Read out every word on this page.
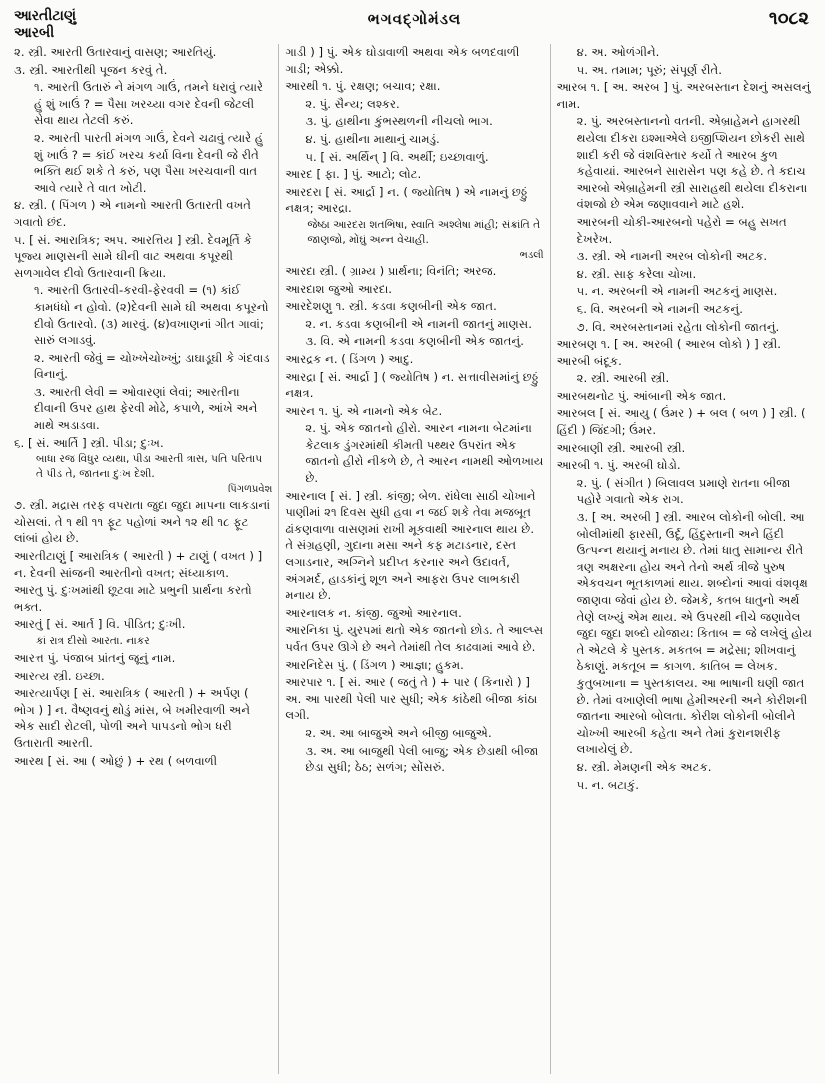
આરતીટાણું
આરબી
ભગવદ્ગોમંડલ	૧૦૮૨

૨. સ્ત્રી. આરતી ઉતારવાનું વાસણ; આરતિયું.

૩. સ્ત્રી. આરતીથી પૂજન કરવું તે.

૧. આરતી ઉતારું ને મંગળ ગાઉં, તમને ધરાવું ત્યારે હું શું ખાઉં ? = પૈસા ખરચ્યા વગર દેવની જેટલી સેવા થાય તેટલી કરું.

૨. આરતી પારતી મંગળ ગાઉં, દેવને ચઢાવું ત્યારે હું શું ખાઉં ? = કાંઈ ખરચ કર્યા વિના દેવની જે રીતે ભક્તિ થઈ શકે તે કરું, પણ પૈસા ખરચવાની વાત આવે ત્યારે તે વાત ખોટી.

૪. સ્ત્રી. ( પિંગળ ) એ નામનો આરતી ઉતારતી વખતે ગવાતો છંદ.

૫. [ સં. આરાત્રિક; અપ. આરત્તિય ] સ્ત્રી. દેવમૂર્તિ કે પૂજ્ય માણસની સામે ઘીની વાટ અથવા કપૂરથી સળગાવેલ દીવો ઉતારવાની ક્રિયા.

૧. આરતી ઉતારવી-કરવી-ફેરવવી = (૧) કાંઈ કામધંધો ન હોવો. (૨)દેવની સામે ઘી અથવા કપૂરનો દીવો ઉતારવો. (૩) મારવું. (૪)વખાણનાં ગીત ગાવાં; સારું લગાડવું.

૨. આરતી જેવું = ચોખ્ખેચોખ્ખું; ડાઘાડૂઘી કે ગંદવાડ વિનાનું.

૩. આરતી લેવી = ઓવારણાં લેવાં; આરતીના દીવાની ઉપર હાથ ફેરવી મોઢે, કપાળે, આંખે અને માથે અડાડવા.

૬. [ સં. આર્તિ ] સ્ત્રી. પીડા; દુઃખ.

બાધા રજ વિધુર વ્યથા, પીડા આરતી ત્રાસ, પતિ પરિતાપ તે પીડ તે, જાતના દુઃખ દેશી.

પિંગળપ્રવેશ

૭. સ્ત્રી. મદ્રાસ તરફ વપરાતા જુદા જુદા માપના લાકડાનાં ચોસલાં. તે ૧ થી ૧૧ ફૂટ પહોળાં અને ૧૨ થી ૧૮ ફૂટ લાંબાં હોય છે.

આરતીટાણું [ આરાત્રિક ( આરતી ) + ટાણું ( વખત ) ] ન. દેવની સાંજની આરતીનો વખત; સંધ્યાકાળ.

આરતુ પું. દુઃખમાંથી છૂટવા માટે પ્રભુની પ્રાર્થના કરતો ભક્ત.

આરતું [ સં. આર્ત ] વિ. પીડિત; દુઃખી.

કાં રાત્ર દીસો આરતા. નાકર

આરત્ત પું. પંજાબ પ્રાંતનું જૂનું નામ.

આરત્ય સ્ત્રી. ઇચ્છા.

આરત્યાર્પણ [ સં. આરાત્રિક ( આરતી ) + અર્પણ ( ભોગ ) ] ન. વૈષ્ણવનું થોડું માંસ, બે ખમીરવાળી અને એક સાદી રોટલી, પોળી અને પાપડનો ભોગ ધરી ઉતારાતી આરતી.

આરથ [ સં. આ ( ઓછું ) + રથ ( બળવાળી

ગાડી ) ] પું. એક ઘોડાવાળી અથવા એક બળદવાળી ગાડી; એક્કો.

આરથી ૧. પું. રક્ષણ; બચાવ; રક્ષા.

૨. પું. સૈન્ય; લશ્કર.

૩. પું. હાથીના કુંભસ્થળની નીચલો ભાગ.

૪. પું. હાથીના માથાનું ચામડું.

૫. [ સં. અર્થિન્ ] વિ. અર્થી; ઇચ્છાવાળું.

આરદ [ ફા. ] પું. આટો; લોટ.

આરદરા [ સં. આર્દ્રા ] ન. ( જ્યોતિષ ) એ નામનું છઠ્ઠું નક્ષત્ર; આરદ્રા.

જેષ્ઠા આરદરા શતભિષા, સ્વાતિ અશ્લેષા માંહી; સંક્રાંતિ તે જાણજો, મોંઘું અન્ન વેચાહી.

ભડલી

આરદા સ્ત્રી. ( ગ્રામ્ય ) પ્રાર્થના; વિનંતિ; અરજ.

આરદાશ જુઓ આરદા.

આરદેશણુ ૧. સ્ત્રી. કડવા કણબીની એક જાત.

૨. ન. કડવા કણબીની એ નામની જાતનું માણસ.

૩. વિ. એ નામની કડવા કણબીની એક જાતનું.

આરદ્રક ન. ( ડિંગળ ) આદુ.

આરદ્રા [ સં. આર્દ્રા ] ( જ્યોતિષ ) ન. સત્તાવીસમાંનું છઠ્ઠું નક્ષત્ર.

આરન ૧. પું. એ નામનો એક બેટ.

૨. પું. એક જાતનો હીરો. આરન નામના બેટમાંના કેટલાક ડુંગરમાંથી કીમતી પથ્થર ઉપરાંત એક જાતનો હીરો નીકળે છે, તે આરન નામથી ઓળખાય છે.

આરનાલ [ સં. ] સ્ત્રી. કાંજી; બેળ. રાંધેલા સાઠી ચોખાને પાણીમાં ૨૧ દિવસ સુધી હવા ન જઈ શકે તેવા મજબૂત ઢાંકણવાળા વાસણમાં રાખી મૂકવાથી આરનાલ થાય છે. તે સંગ્રહણી, ગુદાના મસા અને કફ મટાડનાર, દસ્ત લગાડનાર, અગ્નિને પ્રદીપ્ત કરનાર અને ઉદાવર્ત, અંગમર્દ, હાડકાંનું શૂળ અને આફરા ઉપર લાભકારી મનાય છે.

આરનાલક ન. કાંજી. જુઓ આરનાલ.

આરનિકા પું. યુરપમાં થતો એક જાતનો છોડ. તે આલ્પ્સ પર્વત ઉપર ઊગે છે અને તેમાંથી તેલ કાઢવામાં આવે છે.

આરનિદેસ પું. ( ડિંગળ ) આજ્ઞા; હુકમ.

આરપાર ૧. [ સં. આર ( જતું તે ) + પાર ( કિનારો ) ] અ. આ પારથી પેલી પાર સુધી; એક કાંઠેથી બીજા કાંઠા લગી.

૨. અ. આ બાજુએ અને બીજી બાજુએ.

૩. અ. આ બાજુથી પેલી બાજુ; એક છેડાથી બીજા છેડા સુધી; ઠેઠ; સળંગ; સોંસરું.

૪. અ. ઓળંગીને.

૫. અ. તમામ; પૂરું; સંપૂર્ણ રીતે.

આરબ ૧. [ અ. અરબ ] પું. અરબસ્તાન દેશનું અસલનું નામ.

૨. પું. અરબસ્તાનનો વતની. એબ્રાહેમને હાગરથી થયેલા દીકરા ઇશ્માએલે ઇજીપ્શિયન છોકરી સાથે શાદી કરી જે વંશવિસ્તાર કર્યો તે આરબ કુળ કહેવાયાં. આરબને સારાસેન પણ કહે છે. તે કદાચ આરબો એબ્રાહેમની સ્ત્રી સારાહથી થયેલા દીકરાના વંશજો છે એમ જણાવવાને માટે હશે.

આરબની ચોકી-આરબનો પહેરો = બહુ સખત દેખરેખ.

૩. સ્ત્રી. એ નામની અરબ લોકોની અટક.

૪. સ્ત્રી. સાફ કરેલા ચોખા.

૫. ન. અરબની એ નામની અટકનું માણસ.

૬. વિ. અરબની એ નામની અટકનું.

૭. વિ. અરબસ્તાનમાં રહેતા લોકોની જાતનું.

આરબણ ૧. [ અ. અરબી ( આરબ લોકો ) ] સ્ત્રી. આરબી બંદૂક.

૨. સ્ત્રી. આરબી સ્ત્રી.

આરબથનોટ પું. આંબાની એક જાત.

આરબલ [ સં. આયુ ( ઉંમર ) + બલ ( બળ ) ] સ્ત્રી. ( હિંદી ) જિંદગી; ઉંમર.

આરબાણી સ્ત્રી. આરબી સ્ત્રી.

આરબી ૧. પું. અરબી ઘોડો.

૨. પું. ( સંગીત ) બિલાવલ પ્રમાણે રાતના બીજા પહોરે ગવાતો એક રાગ.

૩. [ અ. અરબી ] સ્ત્રી. આરબ લોકોની બોલી. આ બોલીમાંથી ફારસી, ઉર્દૂ, હિંદુસ્તાની અને હિંદી ઉત્પન્ન થયાનું મનાય છે. તેમાં ધાતુ સામાન્ય રીતે ત્રણ અક્ષરના હોય અને તેનો અર્થ ત્રીજે પુરુષ એકવચન ભૂતકાળમાં થાય. શબ્દોનાં આવાં વંશવૃક્ષ જાણવા જેવાં હોય છે. જેમકે, કતબ ધાતુનો અર્થ તેણે લખ્યું એમ થાય. એ ઉપરથી નીચે જણાવેલ જુદા જુદા શબ્દો યોજાય: કિતાબ = જે લખેલું હોય તે એટલે કે પુસ્તક. મકતબ = મદ્રેસા; શીખવાનું ઠેકાણું. મકતૂબ = કાગળ. કાતિબ = લેખક. કુતુબખાના = પુસ્તકાલય. આ ભાષાની ઘણી જાત છે. તેમાં વખાણેલી ભાષા હેમીઅરની અને કોરીશની જાતના આરબો બોલતા. કોરીશ લોકોની બોલીને ચોખ્ખી આરબી કહેતા અને તેમાં કુરાનશરીફ લખાયેલું છે.

૪. સ્ત્રી. મેમણની એક અટક.

૫. ન. બટાકું.
